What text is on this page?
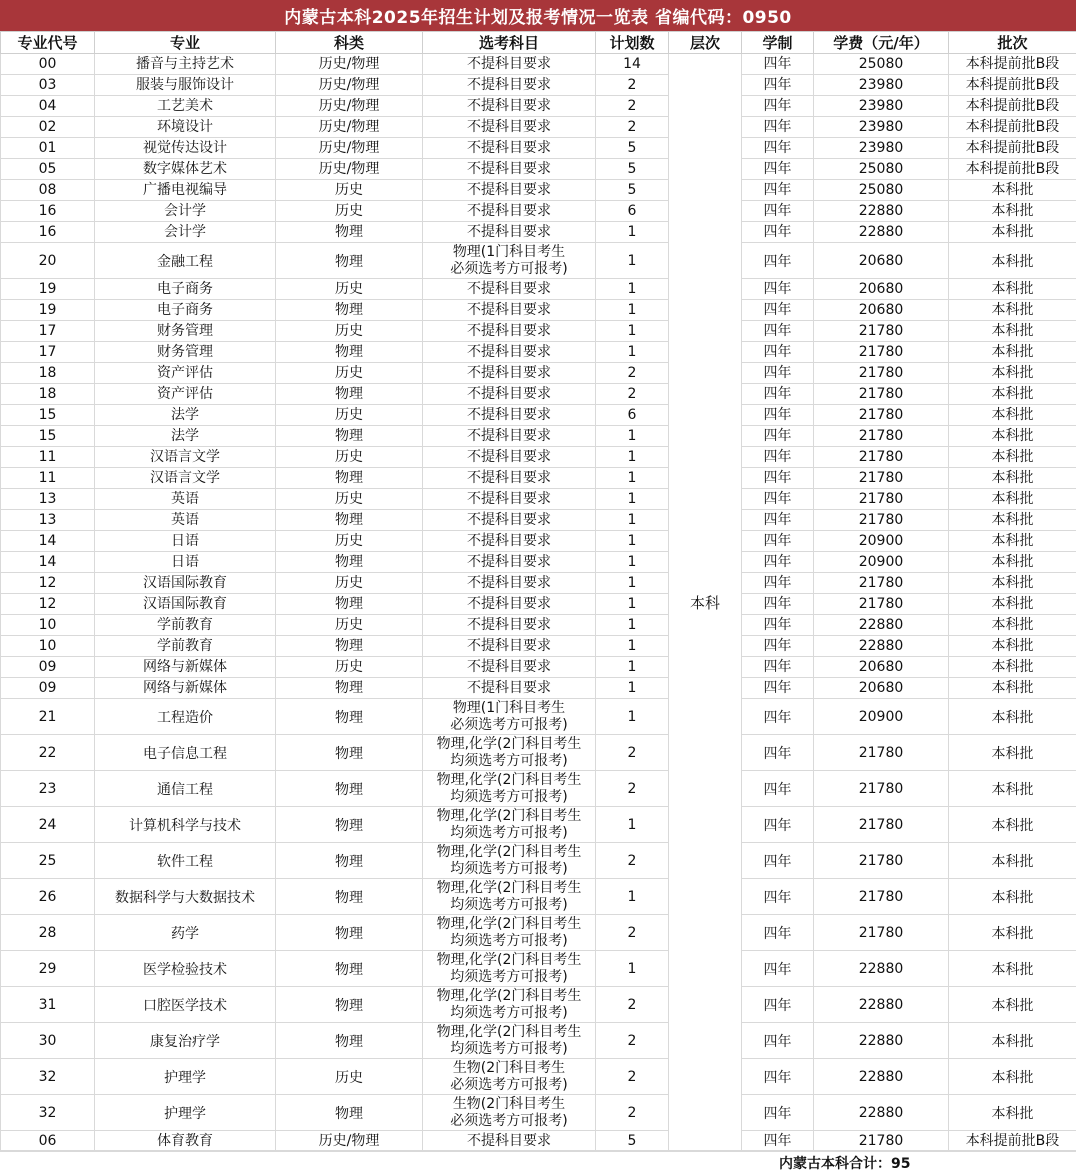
内蒙古本科2025年招生计划及报考情况一览表 省编代码：0950
专业代号	专业	科类	选考科目	计划数	层次	学制	学费（元/年）	批次
00	播音与主持艺术	历史/物理	不提科目要求	14	本科	四年	25080	本科提前批B段
03	服装与服饰设计	历史/物理	不提科目要求	2		四年	23980	本科提前批B段
04	工艺美术	历史/物理	不提科目要求	2		四年	23980	本科提前批B段
02	环境设计	历史/物理	不提科目要求	2		四年	23980	本科提前批B段
01	视觉传达设计	历史/物理	不提科目要求	5		四年	23980	本科提前批B段
05	数字媒体艺术	历史/物理	不提科目要求	5		四年	25080	本科提前批B段
08	广播电视编导	历史	不提科目要求	5		四年	25080	本科批
16	会计学	历史	不提科目要求	6		四年	22880	本科批
16	会计学	物理	不提科目要求	1		四年	22880	本科批
20	金融工程	物理	物理(1门科目考生
必须选考方可报考)	1		四年	20680	本科批
19	电子商务	历史	不提科目要求	1		四年	20680	本科批
19	电子商务	物理	不提科目要求	1		四年	20680	本科批
17	财务管理	历史	不提科目要求	1		四年	21780	本科批
17	财务管理	物理	不提科目要求	1		四年	21780	本科批
18	资产评估	历史	不提科目要求	2		四年	21780	本科批
18	资产评估	物理	不提科目要求	2		四年	21780	本科批
15	法学	历史	不提科目要求	6		四年	21780	本科批
15	法学	物理	不提科目要求	1		四年	21780	本科批
11	汉语言文学	历史	不提科目要求	1		四年	21780	本科批
11	汉语言文学	物理	不提科目要求	1		四年	21780	本科批
13	英语	历史	不提科目要求	1		四年	21780	本科批
13	英语	物理	不提科目要求	1		四年	21780	本科批
14	日语	历史	不提科目要求	1		四年	20900	本科批
14	日语	物理	不提科目要求	1		四年	20900	本科批
12	汉语国际教育	历史	不提科目要求	1		四年	21780	本科批
12	汉语国际教育	物理	不提科目要求	1		四年	21780	本科批
10	学前教育	历史	不提科目要求	1		四年	22880	本科批
10	学前教育	物理	不提科目要求	1		四年	22880	本科批
09	网络与新媒体	历史	不提科目要求	1		四年	20680	本科批
09	网络与新媒体	物理	不提科目要求	1		四年	20680	本科批
21	工程造价	物理	物理(1门科目考生
必须选考方可报考)	1		四年	20900	本科批
22	电子信息工程	物理	物理,化学(2门科目考生
均须选考方可报考)	2		四年	21780	本科批
23	通信工程	物理	物理,化学(2门科目考生
均须选考方可报考)	2		四年	21780	本科批
24	计算机科学与技术	物理	物理,化学(2门科目考生
均须选考方可报考)	1		四年	21780	本科批
25	软件工程	物理	物理,化学(2门科目考生
均须选考方可报考)	2		四年	21780	本科批
26	数据科学与大数据技术	物理	物理,化学(2门科目考生
均须选考方可报考)	1		四年	21780	本科批
28	药学	物理	物理,化学(2门科目考生
均须选考方可报考)	2		四年	21780	本科批
29	医学检验技术	物理	物理,化学(2门科目考生
均须选考方可报考)	1		四年	22880	本科批
31	口腔医学技术	物理	物理,化学(2门科目考生
均须选考方可报考)	2		四年	22880	本科批
30	康复治疗学	物理	物理,化学(2门科目考生
均须选考方可报考)	2		四年	22880	本科批
32	护理学	历史	生物(2门科目考生
必须选考方可报考)	2		四年	22880	本科批
32	护理学	物理	生物(2门科目考生
必须选考方可报考)	2		四年	22880	本科批
06	体育教育	历史/物理	不提科目要求	5		四年	21780	本科提前批B段
内蒙古本科合计：95
